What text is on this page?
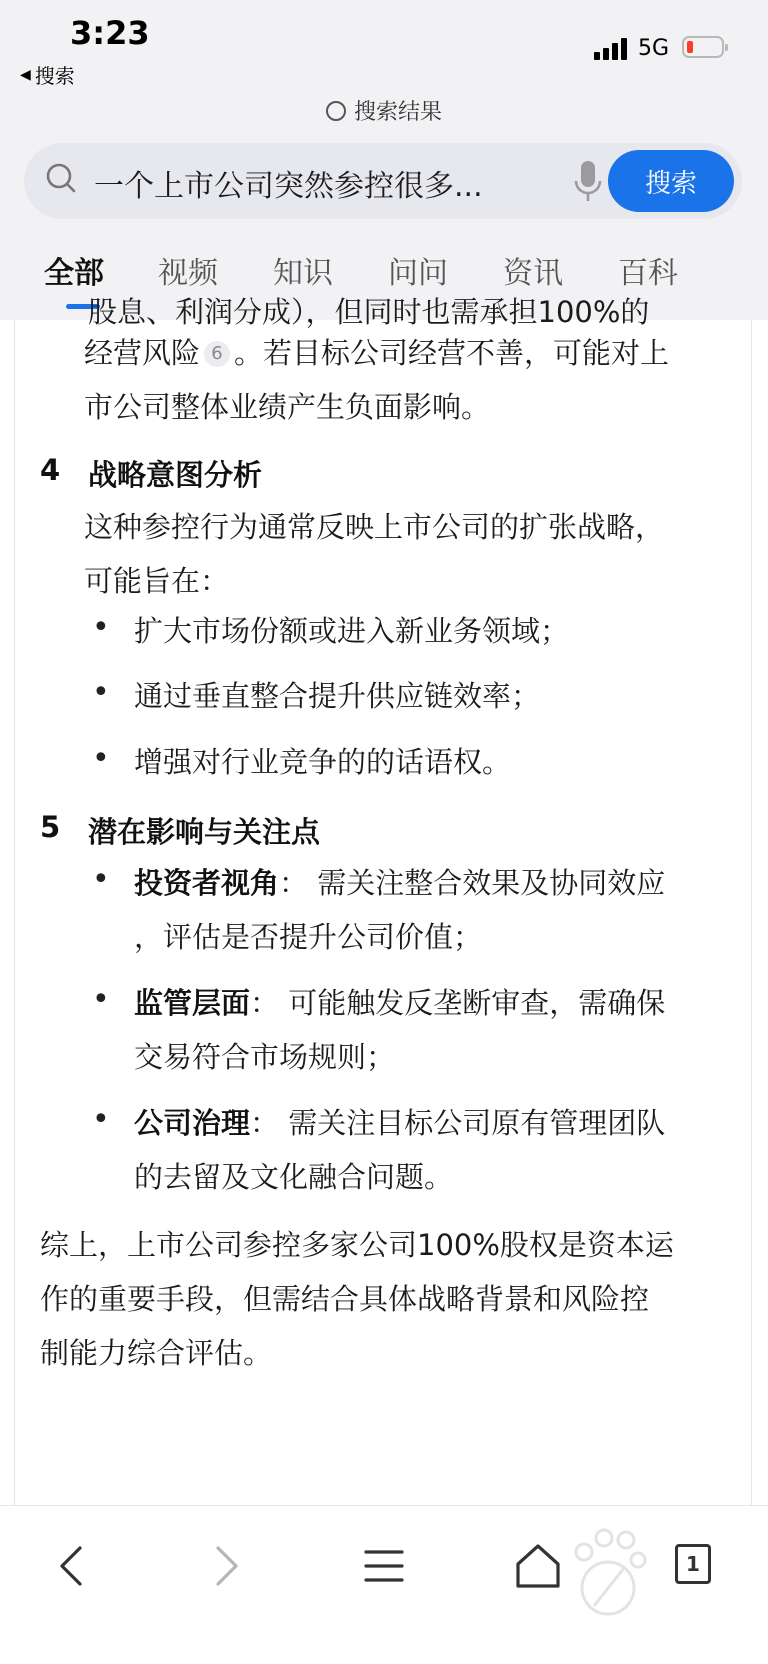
3:23
◀ 搜索
5G
搜索结果
一个上市公司突然参控很多...	搜索
全部 视频 知识 问问 资讯 百科
股息、利润分成），但同时也需承担100%的
经营风险 6 。若目标公司经营不善，可能对上
市公司整体业绩产生负面影响。
4 战略意图分析
这种参控行为通常反映上市公司的扩张战略，
可能旨在：
• 扩大市场份额或进入新业务领域；
• 通过垂直整合提升供应链效率；
• 增强对行业竞争的的话语权。
5 潜在影响与关注点
• 投资者视角： 需关注整合效果及协同效应
，评估是否提升公司价值；
• 监管层面： 可能触发反垄断审查，需确保
交易符合市场规则；
• 公司治理： 需关注目标公司原有管理团队
的去留及文化融合问题。
综上，上市公司参控多家公司100%股权是资本运
作的重要手段，但需结合具体战略背景和风险控
制能力综合评估。
1
